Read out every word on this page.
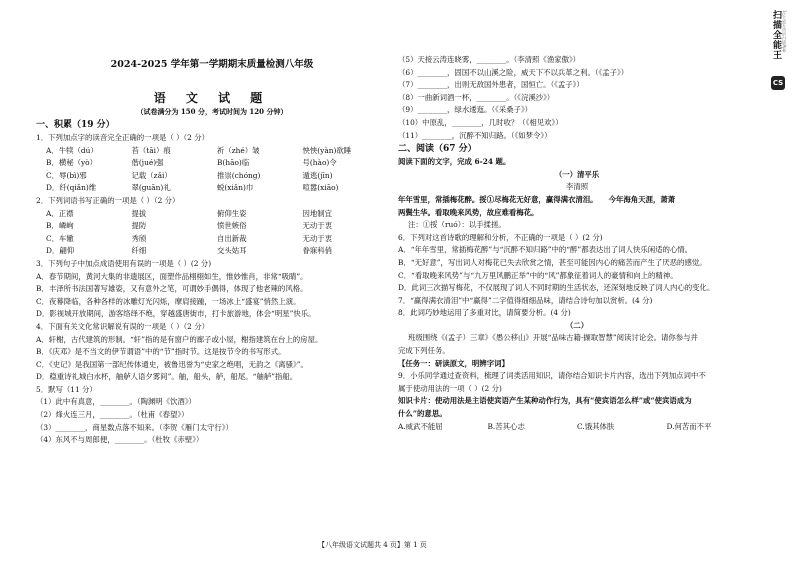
2024-2025 学年第一学期期末质量检测八年级
语 文 试 题
（试卷满分为 150 分，考试时间为 120 分钟）
一、积累（19 分）
1．下列加点字的读音完全正确的一项是（ ）（2 分）
A．牛犊（dú）	苔（tāi）痕	祈（zhé）皱	怏怏(yàn)欲睡
B．横秘（yò）	偕(jué)强	B(hāo)临	号(hào)令
C．辱(bì)邪	记载（zǎi）	推崇(chóng)	遁逃(jīn)
D．纤(qiǎn)维	翠(guān)礼	蜕(xiǎn)巾	喧嚣(xiāo)
2．下列词语书写正确的一项是（ ）（2 分）
A．正襟	提拔	俯仰生姿	因地制宜
B．嶙峋	提防	愤世嫉俗	无动于衷
C．车辙	秀颀	自出新裁	无动于衷
D．翩仰	纤细	交头姑耳	眷寐科俏
3．下列句子中加点成语使用有误的一项是（ ）(2 分)
A．春节期间，黄河大集的非遗展区，面塑作品栩栩如生，惟妙惟肖，非常“吸睛”。
B．丰泽所书法国著写雄姿，又有意外之笔，可谓妙手偶得，体现了他老辣的风格。
C．夜幕降临，各种各样的冰雕灯光闪烁，摩肩接踵，一场冰上“盛宴”悄然上演。
D．影视城开放期间，游客络绎不绝，穿越盛唐街市，打卡旅游地，体会“明星”快乐。
4．下面有关文化常识解说有误的一项是（ ）（2 分）
A．轩榭，古代建筑的形制。“轩”指的是有窗户的廊子或小屋，榭指建筑在台上的房屋。
B．《庆邓》是不当文的伊节谓语”中的“节”指时节。这是按节令的书写形式。
C．《史记》是我国第一部纪传体通史，被鲁迅誉为“史家之绝唱，无韵之《离骚》”。
D．稳重诗礼城白水杯，舳舻人语夕雾间”。舳，船头，舻，船尾。“舳舻”指船。
5．默写（11 分）
（1）此中有真意，________。（陶渊明《饮酒》）
（2）烽火连三月，________。（杜甫《春望》）
（3）________，商星数点落不知来。（李贺《雁门太守行》）
（4）东风不与周郎便，________。（杜牧《赤壁》）
（5）天接云涛连晓雾，________。（李清照《渔家傲》）
（6）________，固国不以山溪之险，威天下不以兵革之利。（《孟子》）
（7）________，出则无敌国外患者，国恒亡。（《孟子》）
（8）一曲新词酒一杯，________。（《浣溪沙》）
（9）________，绿水逶迤。（《采桑子》）
（10）中原乱，________，几时收？（《相见欢》）
（11）________，沉醉不知归路。（《如梦令》）
二、阅读（67 分）
阅读下面的文字，完成 6-24 题。
（一）清平乐
李清照
年年雪里，常插梅花醉。挼①尽梅花无好意，赢得满衣清泪。　　今年海角天涯，萧萧
两鬓生华。看取晚来风势，故应难看梅花。
注：①挼（ruó）：以手揉搓。
6．下列对这首诗歌的理解和分析，不正确的一项是（ ）(2 分)
A．“年年雪里，常插梅花醉”与“沉醉不知归路”中的“醉”都表达出了词人快乐闲适的心情。
B．“无好意”，写出词人对梅花已失去欣赏之情，甚至可能因内心的痛苦而产生了厌恶的感觉。
C．“看取晚来风势”与“九万里风鹏正举”中的“风”都象征着词人的豪情和向上的精神。
D．此词三次描写梅花，不仅展现了词人不同时期的生活状态，还深刻地反映了词人内心的变化。
7．“赢得满衣清泪”中“赢得”二字值得细细品味，请结合诗句加以赏析。(4 分)
8．此词巧妙地运用了多重对比，请简要分析。(4 分)
（二）
班级围绕《(孟子）三章》《愚公移山》开展“品味古籍·撷取智慧”阅读讨论会。请你参与并
完成下列任务。
【任务一：研读原文，明辨字词】
9．小乐同学通过查资料，梳理了词类活用知识，请你结合知识卡片内容，选出下列加点词中不
属于使动用法的一项（ ）(2 分)
知识卡片：使动用法是主语使宾语产生某种动作行为，具有“使宾语怎么样”或“使宾语成为
什么”的意思。
A.威武不能屈	B.苦其心志	C.饿其体肤	D.何苦而不平
【八年级语文试题共 4 页】第 1 页
扫描全能王 3亿人都在用的扫描App
CS
